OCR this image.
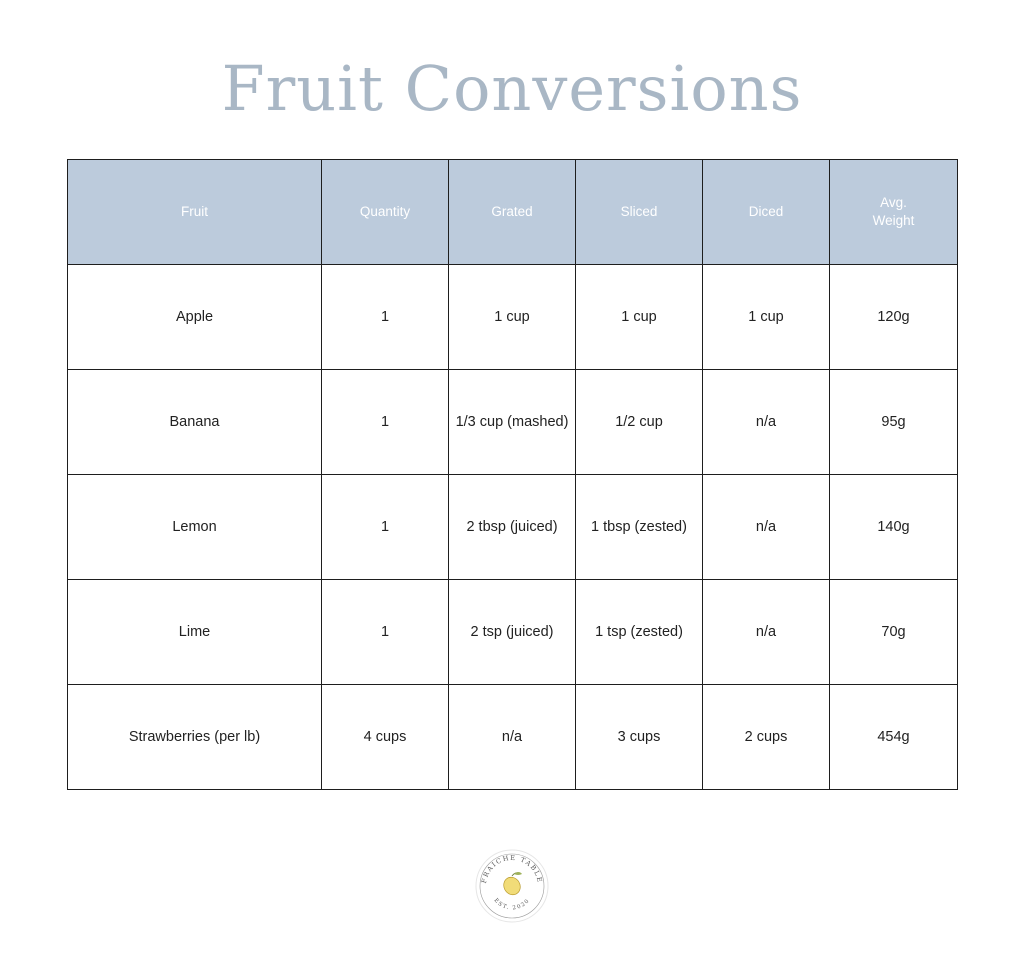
Fruit Conversions
Fruit	Quantity	Grated	Sliced	Diced	Avg. Weight
Apple	1	1 cup	1 cup	1 cup	120g
Banana	1	1/3 cup (mashed)	1/2 cup	n/a	95g
Lemon	1	2 tbsp (juiced)	1 tbsp (zested)	n/a	140g
Lime	1	2 tsp (juiced)	1 tsp (zested)	n/a	70g
Strawberries (per lb)	4 cups	n/a	3 cups	2 cups	454g
FRAICHE TABLE
EST. 2020
